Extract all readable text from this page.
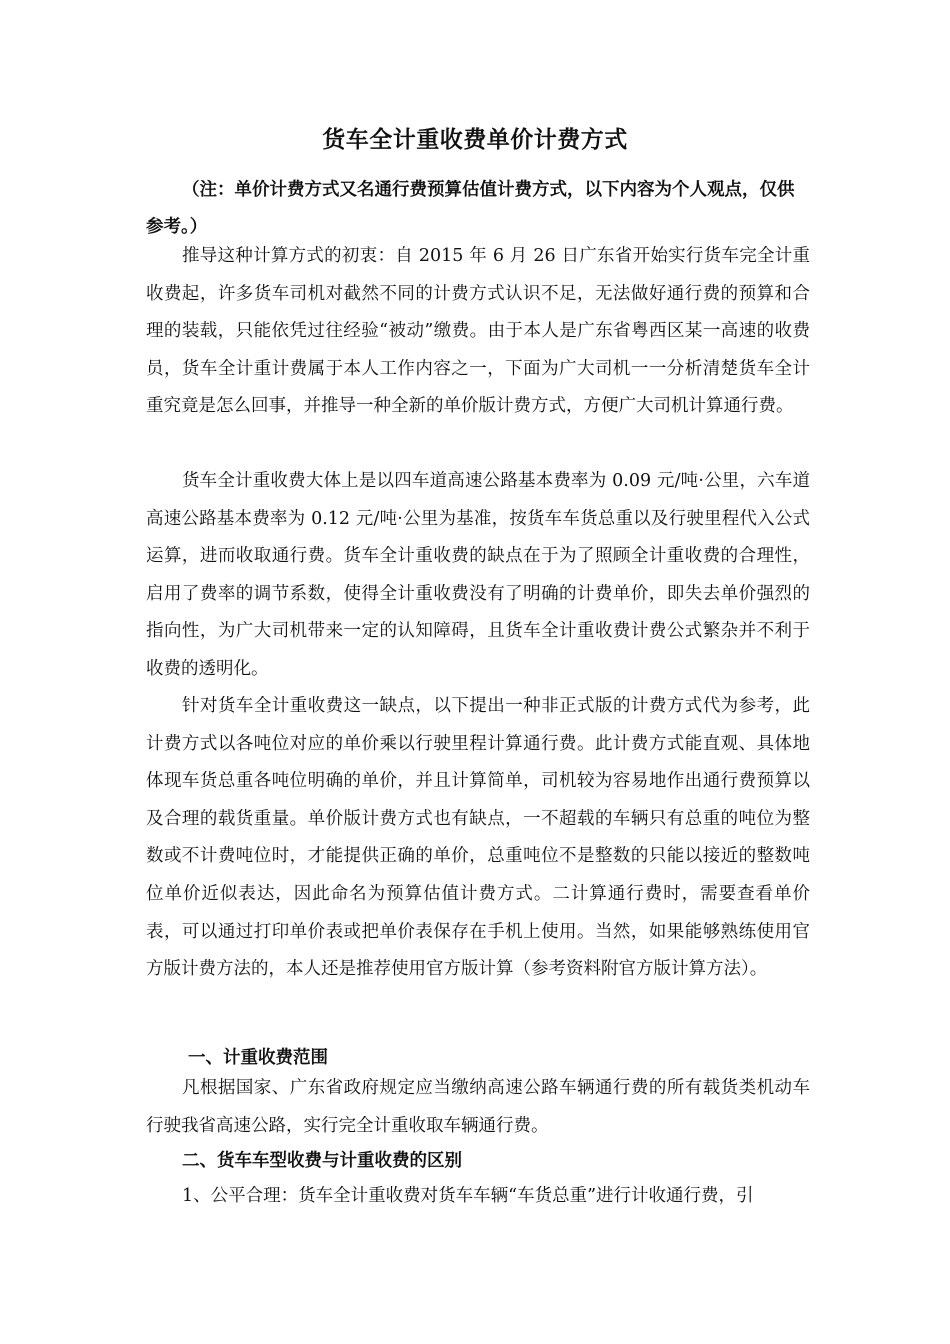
货车全计重收费单价计费方式
（注：单价计费方式又名通行费预算估值计费方式，以下内容为个人观点，仅供参考。）
推导这种计算方式的初衷：自 2015 年 6 月 26 日广东省开始实行货车完全计重收费起，许多货车司机对截然不同的计费方式认识不足，无法做好通行费的预算和合理的装载，只能依凭过往经验“被动”缴费。由于本人是广东省粤西区某一高速的收费员，货车全计重计费属于本人工作内容之一，下面为广大司机一一分析清楚货车全计重究竟是怎么回事，并推导一种全新的单价版计费方式，方便广大司机计算通行费。
货车全计重收费大体上是以四车道高速公路基本费率为 0.09 元/吨·公里，六车道高速公路基本费率为 0.12 元/吨·公里为基准，按货车车货总重以及行驶里程代入公式运算，进而收取通行费。货车全计重收费的缺点在于为了照顾全计重收费的合理性，启用了费率的调节系数，使得全计重收费没有了明确的计费单价，即失去单价强烈的指向性，为广大司机带来一定的认知障碍，且货车全计重收费计费公式繁杂并不利于收费的透明化。
针对货车全计重收费这一缺点，以下提出一种非正式版的计费方式代为参考，此计费方式以各吨位对应的单价乘以行驶里程计算通行费。此计费方式能直观、具体地体现车货总重各吨位明确的单价，并且计算简单，司机较为容易地作出通行费预算以及合理的载货重量。单价版计费方式也有缺点，一不超载的车辆只有总重的吨位为整数或不计费吨位时，才能提供正确的单价，总重吨位不是整数的只能以接近的整数吨位单价近似表达，因此命名为预算估值计费方式。二计算通行费时，需要查看单价表，可以通过打印单价表或把单价表保存在手机上使用。当然，如果能够熟练使用官方版计费方法的，本人还是推荐使用官方版计算（参考资料附官方版计算方法）。
一、计重收费范围
凡根据国家、广东省政府规定应当缴纳高速公路车辆通行费的所有载货类机动车行驶我省高速公路，实行完全计重收取车辆通行费。
二、货车车型收费与计重收费的区别
1、公平合理：货车全计重收费对货车车辆“车货总重”进行计收通行费，引
